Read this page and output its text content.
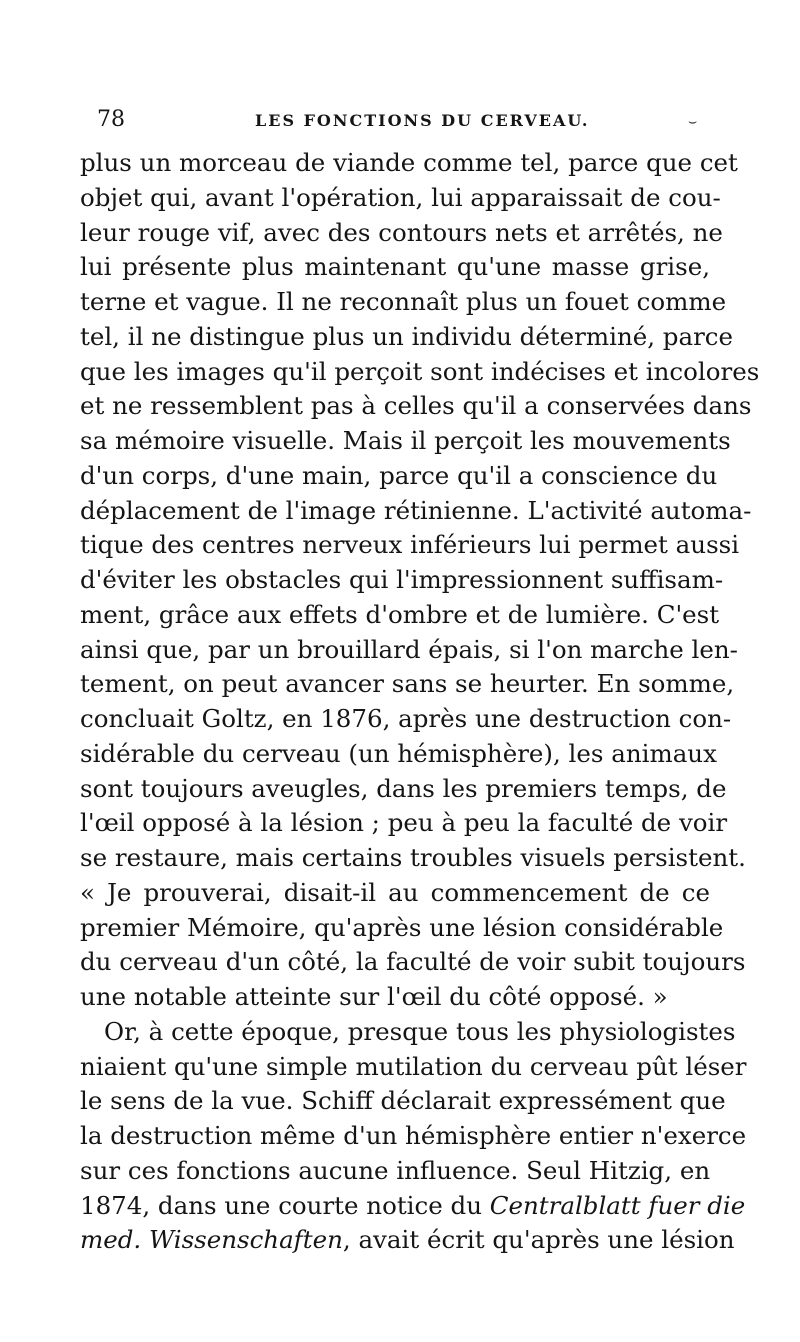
78	LES FONCTIONS DU CERVEAU.	⌣
plus un morceau de viande comme tel, parce que cet
objet qui, avant l'opération, lui apparaissait de cou-
leur rouge vif, avec des contours nets et arrêtés, ne
lui présente plus maintenant qu'une masse grise,
terne et vague. Il ne reconnaît plus un fouet comme
tel, il ne distingue plus un individu déterminé, parce
que les images qu'il perçoit sont indécises et incolores
et ne ressemblent pas à celles qu'il a conservées dans
sa mémoire visuelle. Mais il perçoit les mouvements
d'un corps, d'une main, parce qu'il a conscience du
déplacement de l'image rétinienne. L'activité automa-
tique des centres nerveux inférieurs lui permet aussi
d'éviter les obstacles qui l'impressionnent suffisam-
ment, grâce aux effets d'ombre et de lumière. C'est
ainsi que, par un brouillard épais, si l'on marche len-
tement, on peut avancer sans se heurter. En somme,
concluait Goltz, en 1876, après une destruction con-
sidérable du cerveau (un hémisphère), les animaux
sont toujours aveugles, dans les premiers temps, de
l'œil opposé à la lésion ; peu à peu la faculté de voir
se restaure, mais certains troubles visuels persistent.
« Je prouverai, disait-il au commencement de ce
premier Mémoire, qu'après une lésion considérable
du cerveau d'un côté, la faculté de voir subit toujours
une notable atteinte sur l'œil du côté opposé. »
Or, à cette époque, presque tous les physiologistes
niaient qu'une simple mutilation du cerveau pût léser
le sens de la vue. Schiff déclarait expressément que
la destruction même d'un hémisphère entier n'exerce
sur ces fonctions aucune influence. Seul Hitzig, en
1874, dans une courte notice du Centralblatt fuer die
med. Wissenschaften, avait écrit qu'après une lésion
